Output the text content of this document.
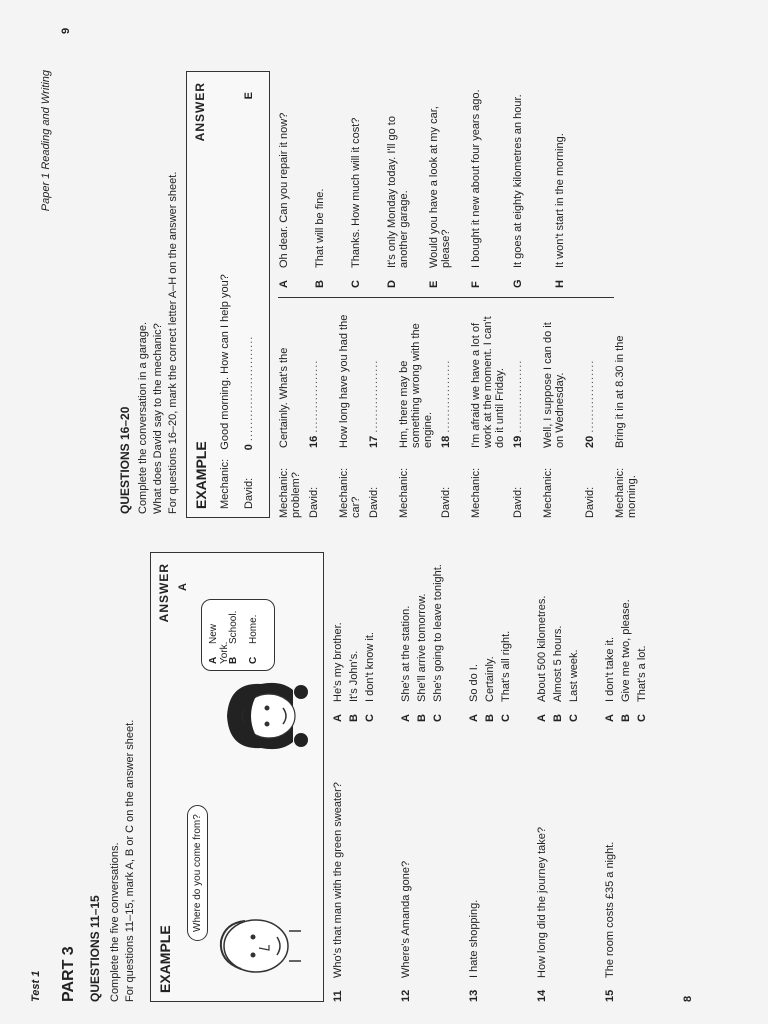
Test 1 PART 3 QUESTIONS 11–15 Complete the five conversations. For questions 11–15, mark A, B or C on the answer sheet. EXAMPLE
ANSWER A
Where do you come from?
ANew York.
BSchool.
CHome.
11
Who's that man with the green sweater?
AHe's my brother.
BIt's John's.
CI don't know it.
12
Where's Amanda gone?
AShe's at the station.
BShe'll arrive tomorrow.
CShe's going to leave tonight.
13
I hate shopping.
ASo do I.
BCertainly.
CThat's all right.
14
How long did the journey take?
AAbout 500 kilometres.
BAlmost 5 hours.
CLast week.
15
The room costs £35 a night.
AI don't take it.
BGive me two, please.
CThat's a lot.
8
Paper 1 Reading and Writing
QUESTIONS 16–20 Complete the conversation in a garage. What does David say to the mechanic? For questions 16–20, mark the correct letter A–H on the answer sheet. EXAMPLE
ANSWER
Mechanic:   Good morning. How can I help you?
David:         0 ..........................
E
Mechanic:Certainly. What's the problem? David:16 ..................
Mechanic:How long have you had the car? David:17 ..................
Mechanic:Hm, there may be something wrong with the engine.
David:18 ..................
Mechanic:I'm afraid we have a lot of work at the moment. I can't do it until Friday.
David:19 ..................
Mechanic:Well, I suppose I can do it on Wednesday.
David:20 ..................
Mechanic:Bring it in at 8.30 in the morning.
AOh dear. Can you repair it now?
BThat will be fine.
CThanks. How much will it cost?
DIt's only Monday today. I'll go to another garage.
EWould you have a look at my car, please?
FI bought it new about four years ago.
GIt goes at eighty kilometres an hour.
HIt won't start in the morning.
9
